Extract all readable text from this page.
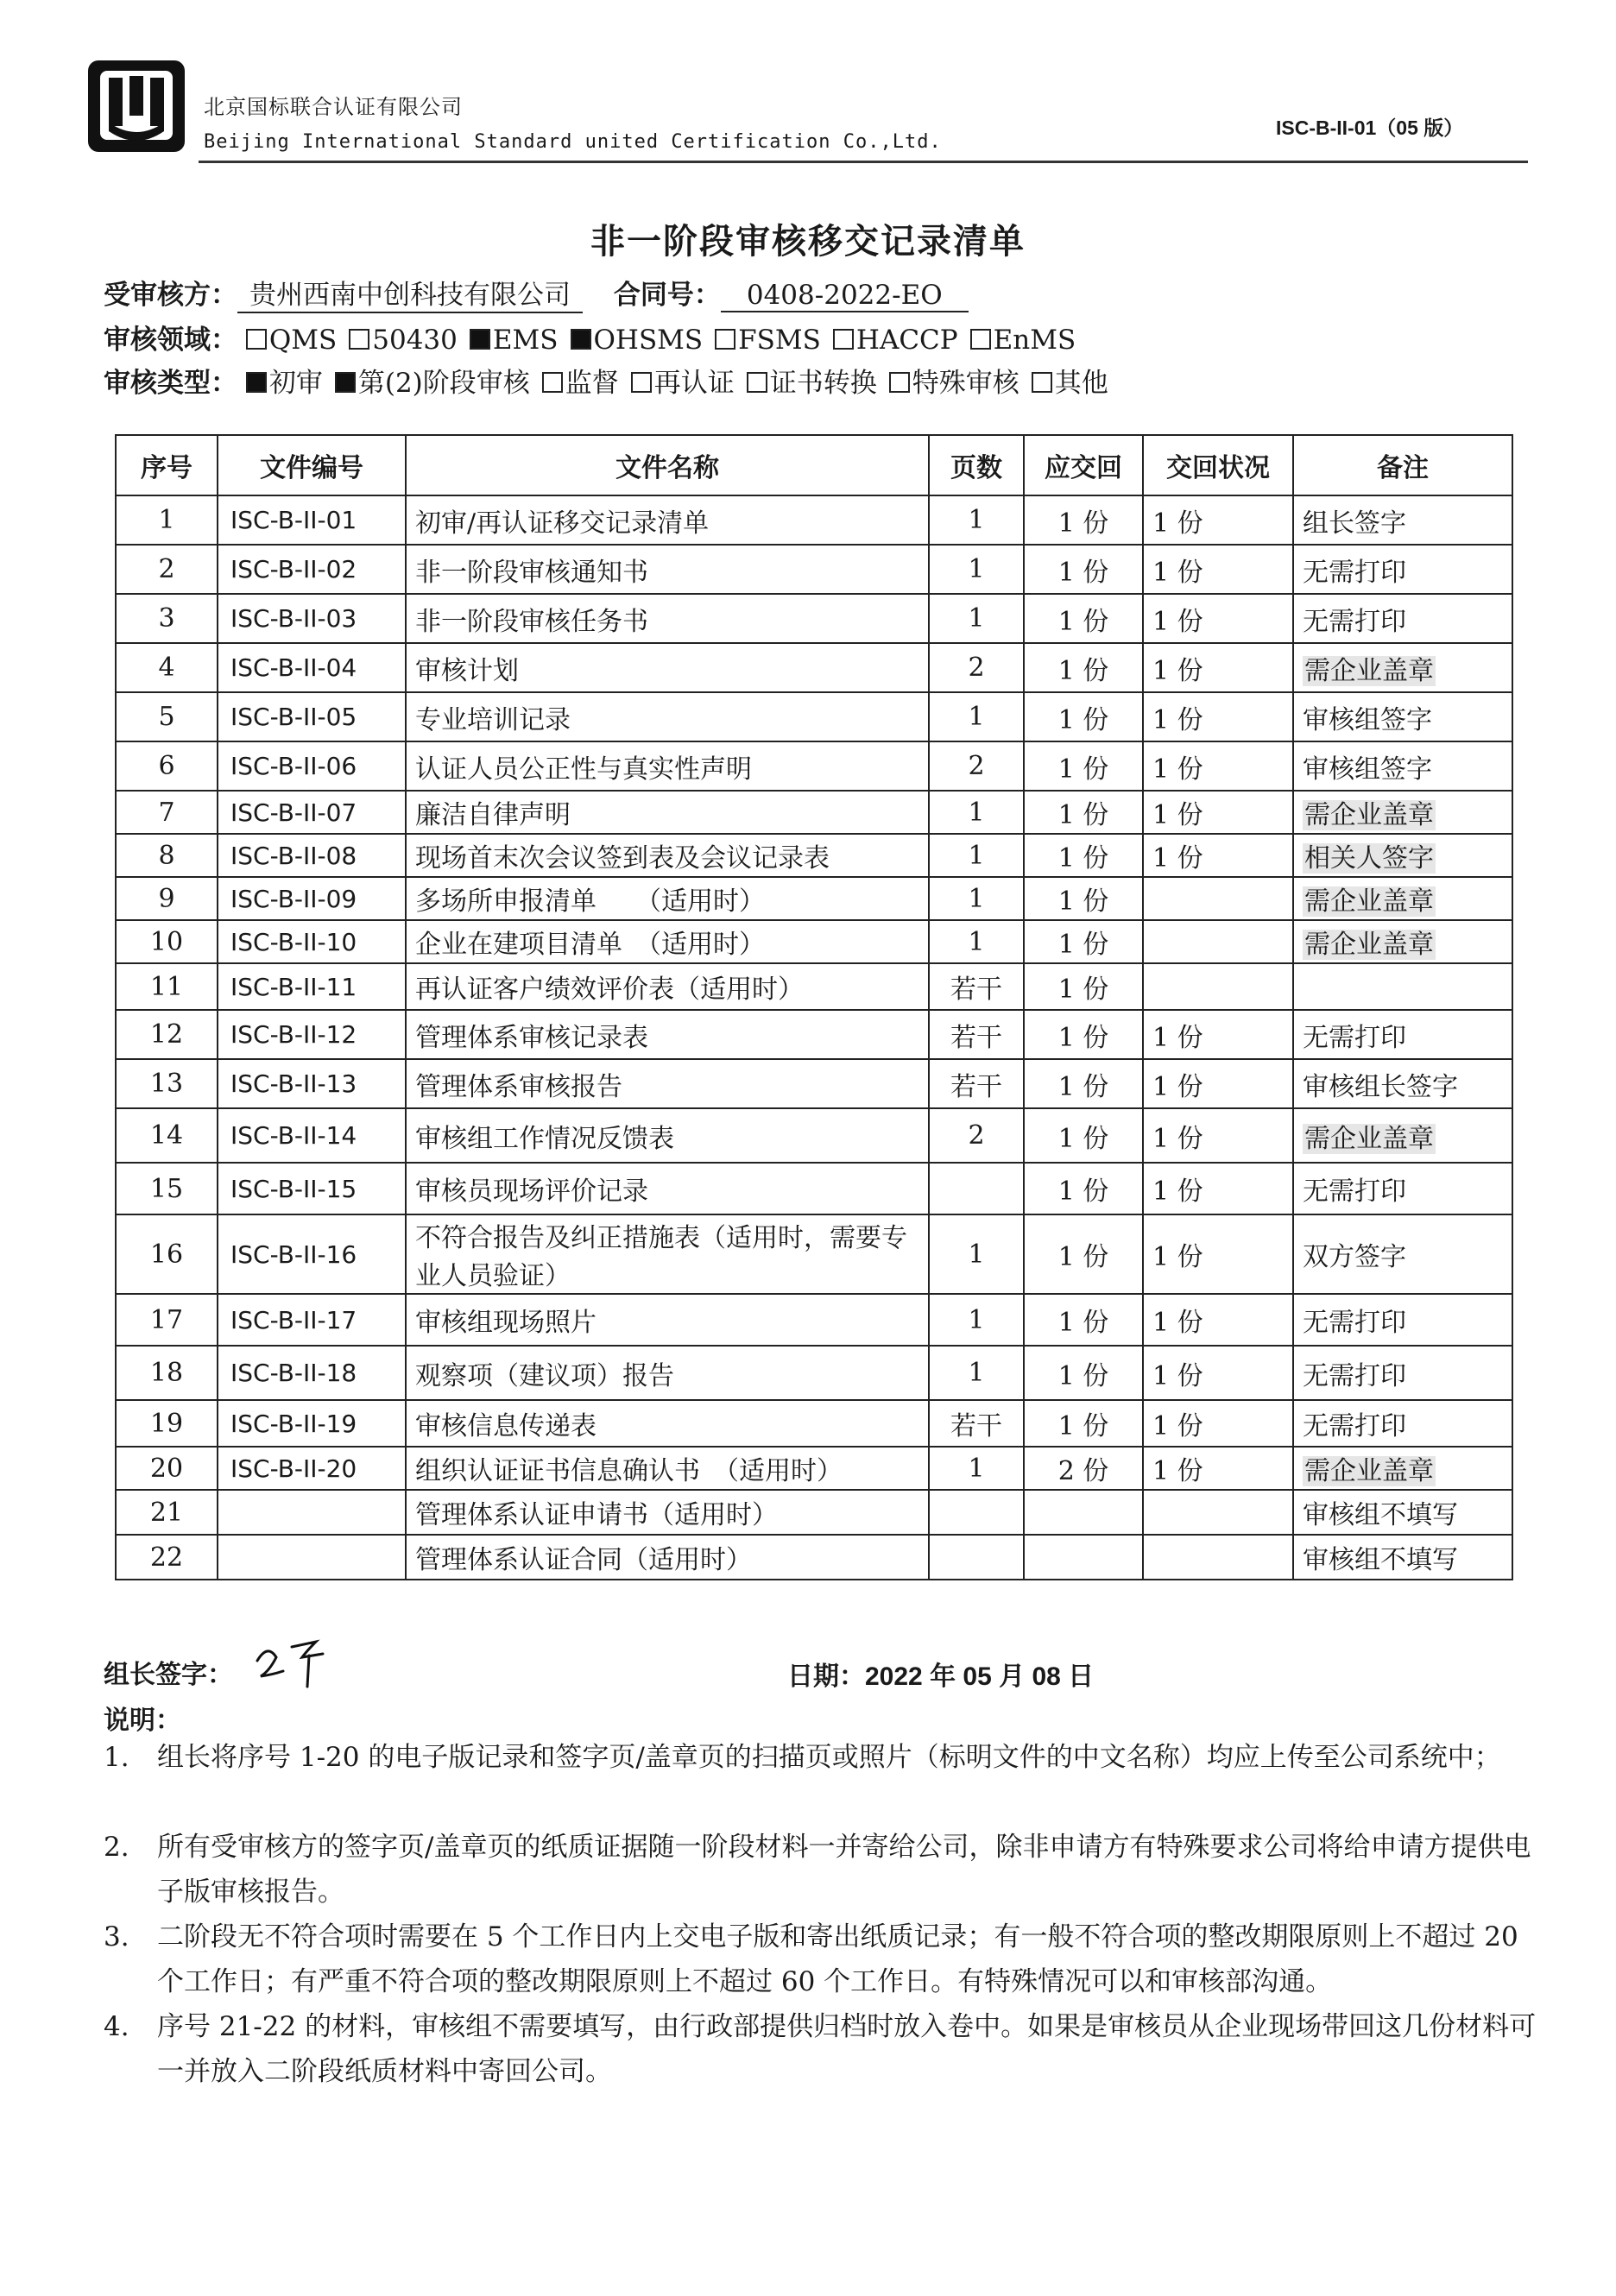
北京国标联合认证有限公司
Beijing International Standard united Certification Co.,Ltd.
ISC-B-II-01（05 版）
非一阶段审核移交记录清单
受审核方： 贵州西南中创科技有限公司 合同号： 0408-2022-EO
审核领域： QMS 50430 EMS OHSMS FSMS HACCP EnMS
审核类型： 初审 第(2)阶段审核 监督 再认证 证书转换 特殊审核 其他
序号	文件编号	文件名称	页数	应交回	交回状况	备注
1	ISC-B-II-01	初审/再认证移交记录清单	1	1 份	1 份	组长签字
2	ISC-B-II-02	非一阶段审核通知书	1	1 份	1 份	无需打印
3	ISC-B-II-03	非一阶段审核任务书	1	1 份	1 份	无需打印
4	ISC-B-II-04	审核计划	2	1 份	1 份	需企业盖章
5	ISC-B-II-05	专业培训记录	1	1 份	1 份	审核组签字
6	ISC-B-II-06	认证人员公正性与真实性声明	2	1 份	1 份	审核组签字
7	ISC-B-II-07	廉洁自律声明	1	1 份	1 份	需企业盖章
8	ISC-B-II-08	现场首末次会议签到表及会议记录表	1	1 份	1 份	相关人签字
9	ISC-B-II-09	多场所申报清单　　（适用时）	1	1 份		需企业盖章
10	ISC-B-II-10	企业在建项目清单　（适用时）	1	1 份		需企业盖章
11	ISC-B-II-11	再认证客户绩效评价表（适用时）	若干	1 份		
12	ISC-B-II-12	管理体系审核记录表	若干	1 份	1 份	无需打印
13	ISC-B-II-13	管理体系审核报告	若干	1 份	1 份	审核组长签字
14	ISC-B-II-14	审核组工作情况反馈表	2	1 份	1 份	需企业盖章
15	ISC-B-II-15	审核员现场评价记录		1 份	1 份	无需打印
16	ISC-B-II-16	不符合报告及纠正措施表（适用时，需要专业人员验证）	1	1 份	1 份	双方签字
17	ISC-B-II-17	审核组现场照片	1	1 份	1 份	无需打印
18	ISC-B-II-18	观察项（建议项）报告	1	1 份	1 份	无需打印
19	ISC-B-II-19	审核信息传递表	若干	1 份	1 份	无需打印
20	ISC-B-II-20	组织认证证书信息确认书　（适用时）	1	2 份	1 份	需企业盖章
21		管理体系认证申请书（适用时）				审核组不填写
22		管理体系认证合同（适用时）				审核组不填写
组长签字：	日期：2022 年 05 月 08 日
说明：
1.	组长将序号 1-20 的电子版记录和签字页/盖章页的扫描页或照片（标明文件的中文名称）均应上传至公司系统中；
2.	所有受审核方的签字页/盖章页的纸质证据随一阶段材料一并寄给公司，除非申请方有特殊要求公司将给申请方提供电子版审核报告。
3.	二阶段无不符合项时需要在 5 个工作日内上交电子版和寄出纸质记录；有一般不符合项的整改期限原则上不超过 20 个工作日；有严重不符合项的整改期限原则上不超过 60 个工作日。有特殊情况可以和审核部沟通。
4.	序号 21-22 的材料，审核组不需要填写，由行政部提供归档时放入卷中。如果是审核员从企业现场带回这几份材料可一并放入二阶段纸质材料中寄回公司。
